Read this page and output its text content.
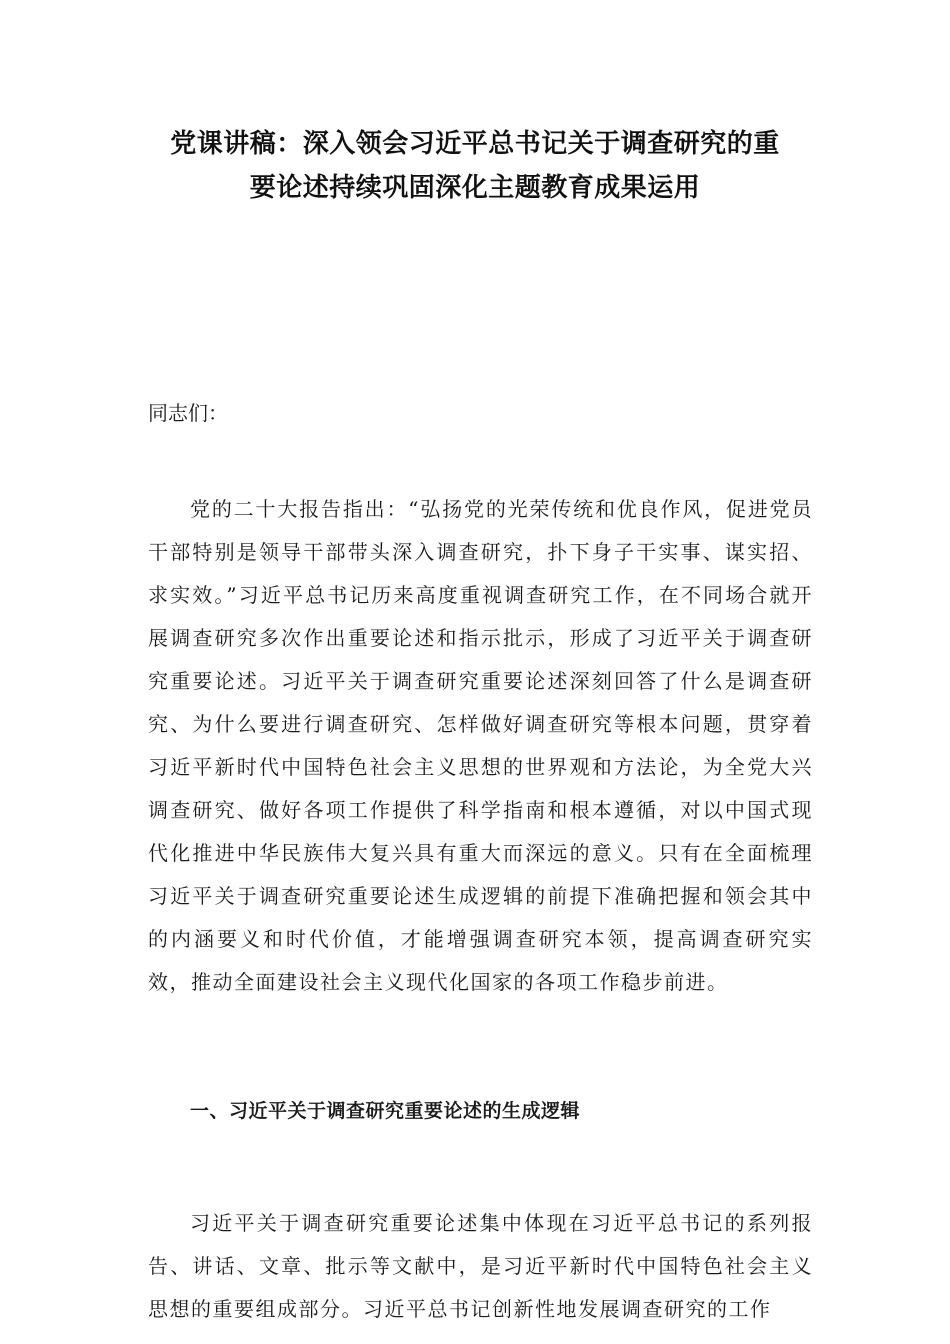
党课讲稿：深入领会习近平总书记关于调查研究的重
要论述持续巩固深化主题教育成果运用
同志们：
党的二十大报告指出：“弘扬党的光荣传统和优良作风，促进党员干部特别是领导干部带头深入调查研究，扑下身子干实事、谋实招、求实效。”习近平总书记历来高度重视调查研究工作，在不同场合就开展调查研究多次作出重要论述和指示批示，形成了习近平关于调查研究重要论述。习近平关于调查研究重要论述深刻回答了什么是调查研究、为什么要进行调查研究、怎样做好调查研究等根本问题，贯穿着习近平新时代中国特色社会主义思想的世界观和方法论，为全党大兴调查研究、做好各项工作提供了科学指南和根本遵循，对以中国式现代化推进中华民族伟大复兴具有重大而深远的意义。只有在全面梳理习近平关于调查研究重要论述生成逻辑的前提下准确把握和领会其中的内涵要义和时代价值，才能增强调查研究本领，提高调查研究实效，推动全面建设社会主义现代化国家的各项工作稳步前进。
一、习近平关于调查研究重要论述的生成逻辑
习近平关于调查研究重要论述集中体现在习近平总书记的系列报告、讲话、文章、批示等文献中，是习近平新时代中国特色社会主义思想的重要组成部分。习近平总书记创新性地发展调查研究的工作
